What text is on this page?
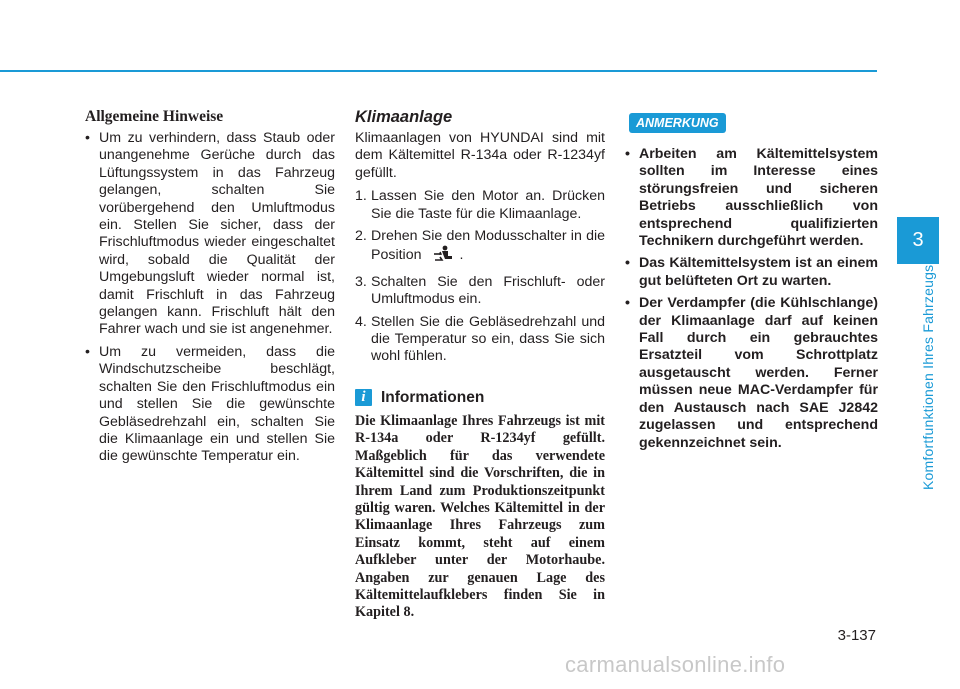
Allgemeine Hinweise
• Um zu verhindern, dass Staub oder unangenehme Gerüche durch das Lüftungssystem in das Fahrzeug gelangen, schalten Sie vorübergehend den Umluftmodus ein. Stellen Sie sicher, dass der Frischluftmodus wieder eingeschaltet wird, sobald die Qualität der Umgebungsluft wieder normal ist, damit Frischluft in das Fahrzeug gelangen kann. Frischluft hält den Fahrer wach und sie ist angenehmer.
• Um zu vermeiden, dass die Windschutzscheibe beschlägt, schalten Sie den Frischluftmodus ein und stellen Sie die gewünschte Gebläsedrehzahl ein, schalten Sie die Klimaanlage ein und stellen Sie die gewünschte Temperatur ein.
Klimaanlage

Klimaanlagen von HYUNDAI sind mit dem Kältemittel R-134a oder R-1234yf gefüllt.

1. Lassen Sie den Motor an. Drücken Sie die Taste für die Klimaanlage.
2. Drehen Sie den Modusschalter in die Position	.
3. Schalten Sie den Frischluft- oder Umluftmodus ein.
4. Stellen Sie die Gebläsedrehzahl und die Temperatur so ein, dass Sie sich wohl fühlen.
i Informationen

Die Klimaanlage Ihres Fahrzeugs ist mit R-134a oder R-1234yf gefüllt. Maßgeblich für das verwendete Kältemittel sind die Vorschriften, die in Ihrem Land zum Produktionszeitpunkt gültig waren. Welches Kältemittel in der Klimaanlage Ihres Fahrzeugs zum Einsatz kommt, steht auf einem Aufkleber unter der Motorhaube. Angaben zur genauen Lage des Kältemittelaufklebers finden Sie in Kapitel 8.

ANMERKUNG
• Arbeiten am Kältemittelsystem sollten im Interesse eines störungsfreien und sicheren Betriebs ausschließlich von entsprechend qualifizierten Technikern durchgeführt werden.
• Das Kältemittelsystem ist an einem gut belüfteten Ort zu warten.
• Der Verdampfer (die Kühlschlange) der Klimaanlage darf auf keinen Fall durch ein gebrauchtes Ersatzteil vom Schrottplatz ausgetauscht werden. Ferner müssen neue MAC-Verdampfer für den Austausch nach SAE J2842 zugelassen und entsprechend gekennzeichnet sein.
3
Komfortfunktionen Ihres Fahrzeugs
3-137
carmanualsonline.info
